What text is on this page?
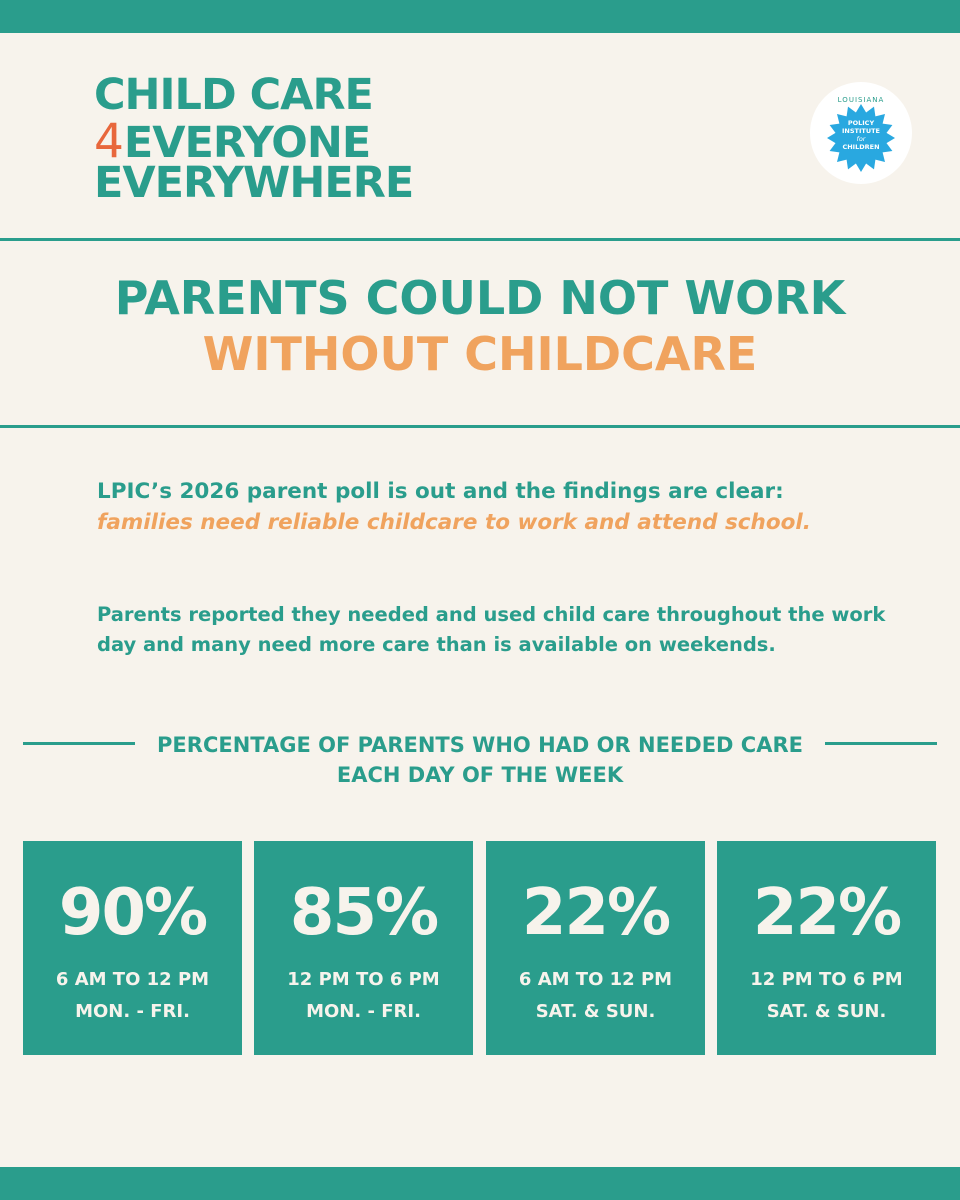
CHILD CARE
4 EVERYONE
EVERYWHERE
LOUISIANA
POLICY
INSTITUTE
for
CHILDREN
PARENTS COULD NOT WORK
WITHOUT CHILDCARE
LPIC’s 2026 parent poll is out and the findings are clear: families need reliable childcare to work and attend school.
Parents reported they needed and used child care throughout the work day and many need more care than is available on weekends.
PERCENTAGE OF PARENTS WHO HAD OR NEEDED CARE EACH DAY OF THE WEEK
90%
6 AM TO 12 PM
MON. - FRI.
85%
12 PM TO 6 PM
MON. - FRI.
22%
6 AM TO 12 PM
SAT. & SUN.
22%
12 PM TO 6 PM
SAT. & SUN.
